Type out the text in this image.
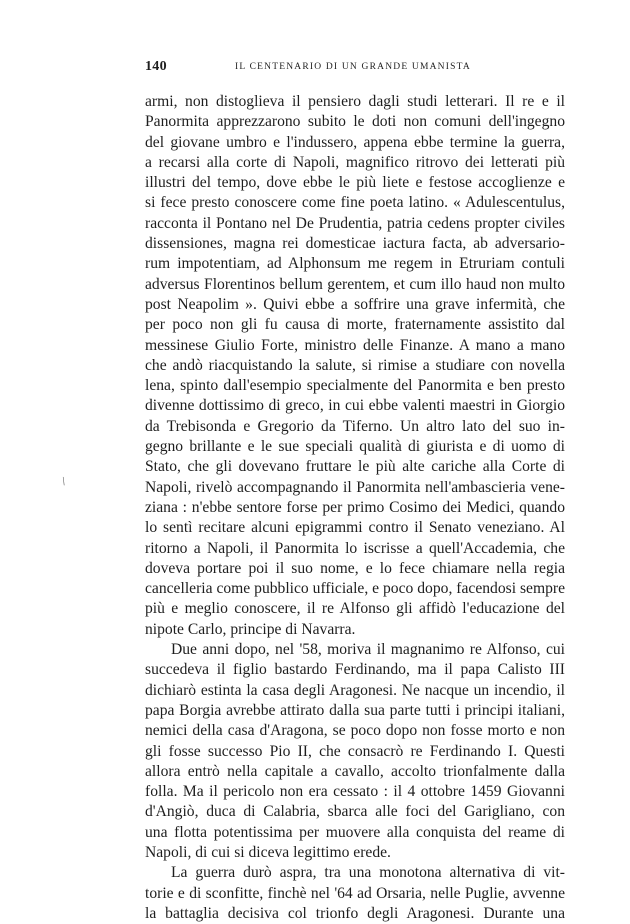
140	IL CENTENARIO DI UN GRANDE UMANISTA
\
armi, non distoglieva il pensiero dagli studi letterari. Il re e il
Panormita apprezzarono subito le doti non comuni dell'ingegno
del giovane umbro e l'indussero, appena ebbe termine la guerra,
a recarsi alla corte di Napoli, magnifico ritrovo dei letterati più
illustri del tempo, dove ebbe le più liete e festose accoglienze e
si fece presto conoscere come fine poeta latino. « Adulescentulus,
racconta il Pontano nel De Prudentia, patria cedens propter civiles
dissensiones, magna rei domesticae iactura facta, ab adversario-
rum impotentiam, ad Alphonsum me regem in Etruriam contuli
adversus Florentinos bellum gerentem, et cum illo haud non multo
post Neapolim ». Quivi ebbe a soffrire una grave infermità, che
per poco non gli fu causa di morte, fraternamente assistito dal
messinese Giulio Forte, ministro delle Finanze. A mano a mano
che andò riacquistando la salute, si rimise a studiare con novella
lena, spinto dall'esempio specialmente del Panormita e ben presto
divenne dottissimo di greco, in cui ebbe valenti maestri in Giorgio
da Trebisonda e Gregorio da Tiferno. Un altro lato del suo in-
gegno brillante e le sue speciali qualità di giurista e di uomo di
Stato, che gli dovevano fruttare le più alte cariche alla Corte di
Napoli, rivelò accompagnando il Panormita nell'ambascieria vene-
ziana : n'ebbe sentore forse per primo Cosimo dei Medici, quando
lo sentì recitare alcuni epigrammi contro il Senato veneziano. Al
ritorno a Napoli, il Panormita lo iscrisse a quell'Accademia, che
doveva portare poi il suo nome, e lo fece chiamare nella regia
cancelleria come pubblico ufficiale, e poco dopo, facendosi sempre
più e meglio conoscere, il re Alfonso gli affidò l'educazione del
nipote Carlo, principe di Navarra.
Due anni dopo, nel '58, moriva il magnanimo re Alfonso, cui
succedeva il figlio bastardo Ferdinando, ma il papa Calisto III
dichiarò estinta la casa degli Aragonesi. Ne nacque un incendio, il
papa Borgia avrebbe attirato dalla sua parte tutti i principi italiani,
nemici della casa d'Aragona, se poco dopo non fosse morto e non
gli fosse successo Pio II, che consacrò re Ferdinando I. Questi
allora entrò nella capitale a cavallo, accolto trionfalmente dalla
folla. Ma il pericolo non era cessato : il 4 ottobre 1459 Giovanni
d'Angiò, duca di Calabria, sbarca alle foci del Garigliano, con
una flotta potentissima per muovere alla conquista del reame di
Napoli, di cui si diceva legittimo erede.
La guerra durò aspra, tra una monotona alternativa di vit-
torie e di sconfitte, finchè nel '64 ad Orsaria, nelle Puglie, avvenne
la battaglia decisiva col trionfo degli Aragonesi. Durante una
